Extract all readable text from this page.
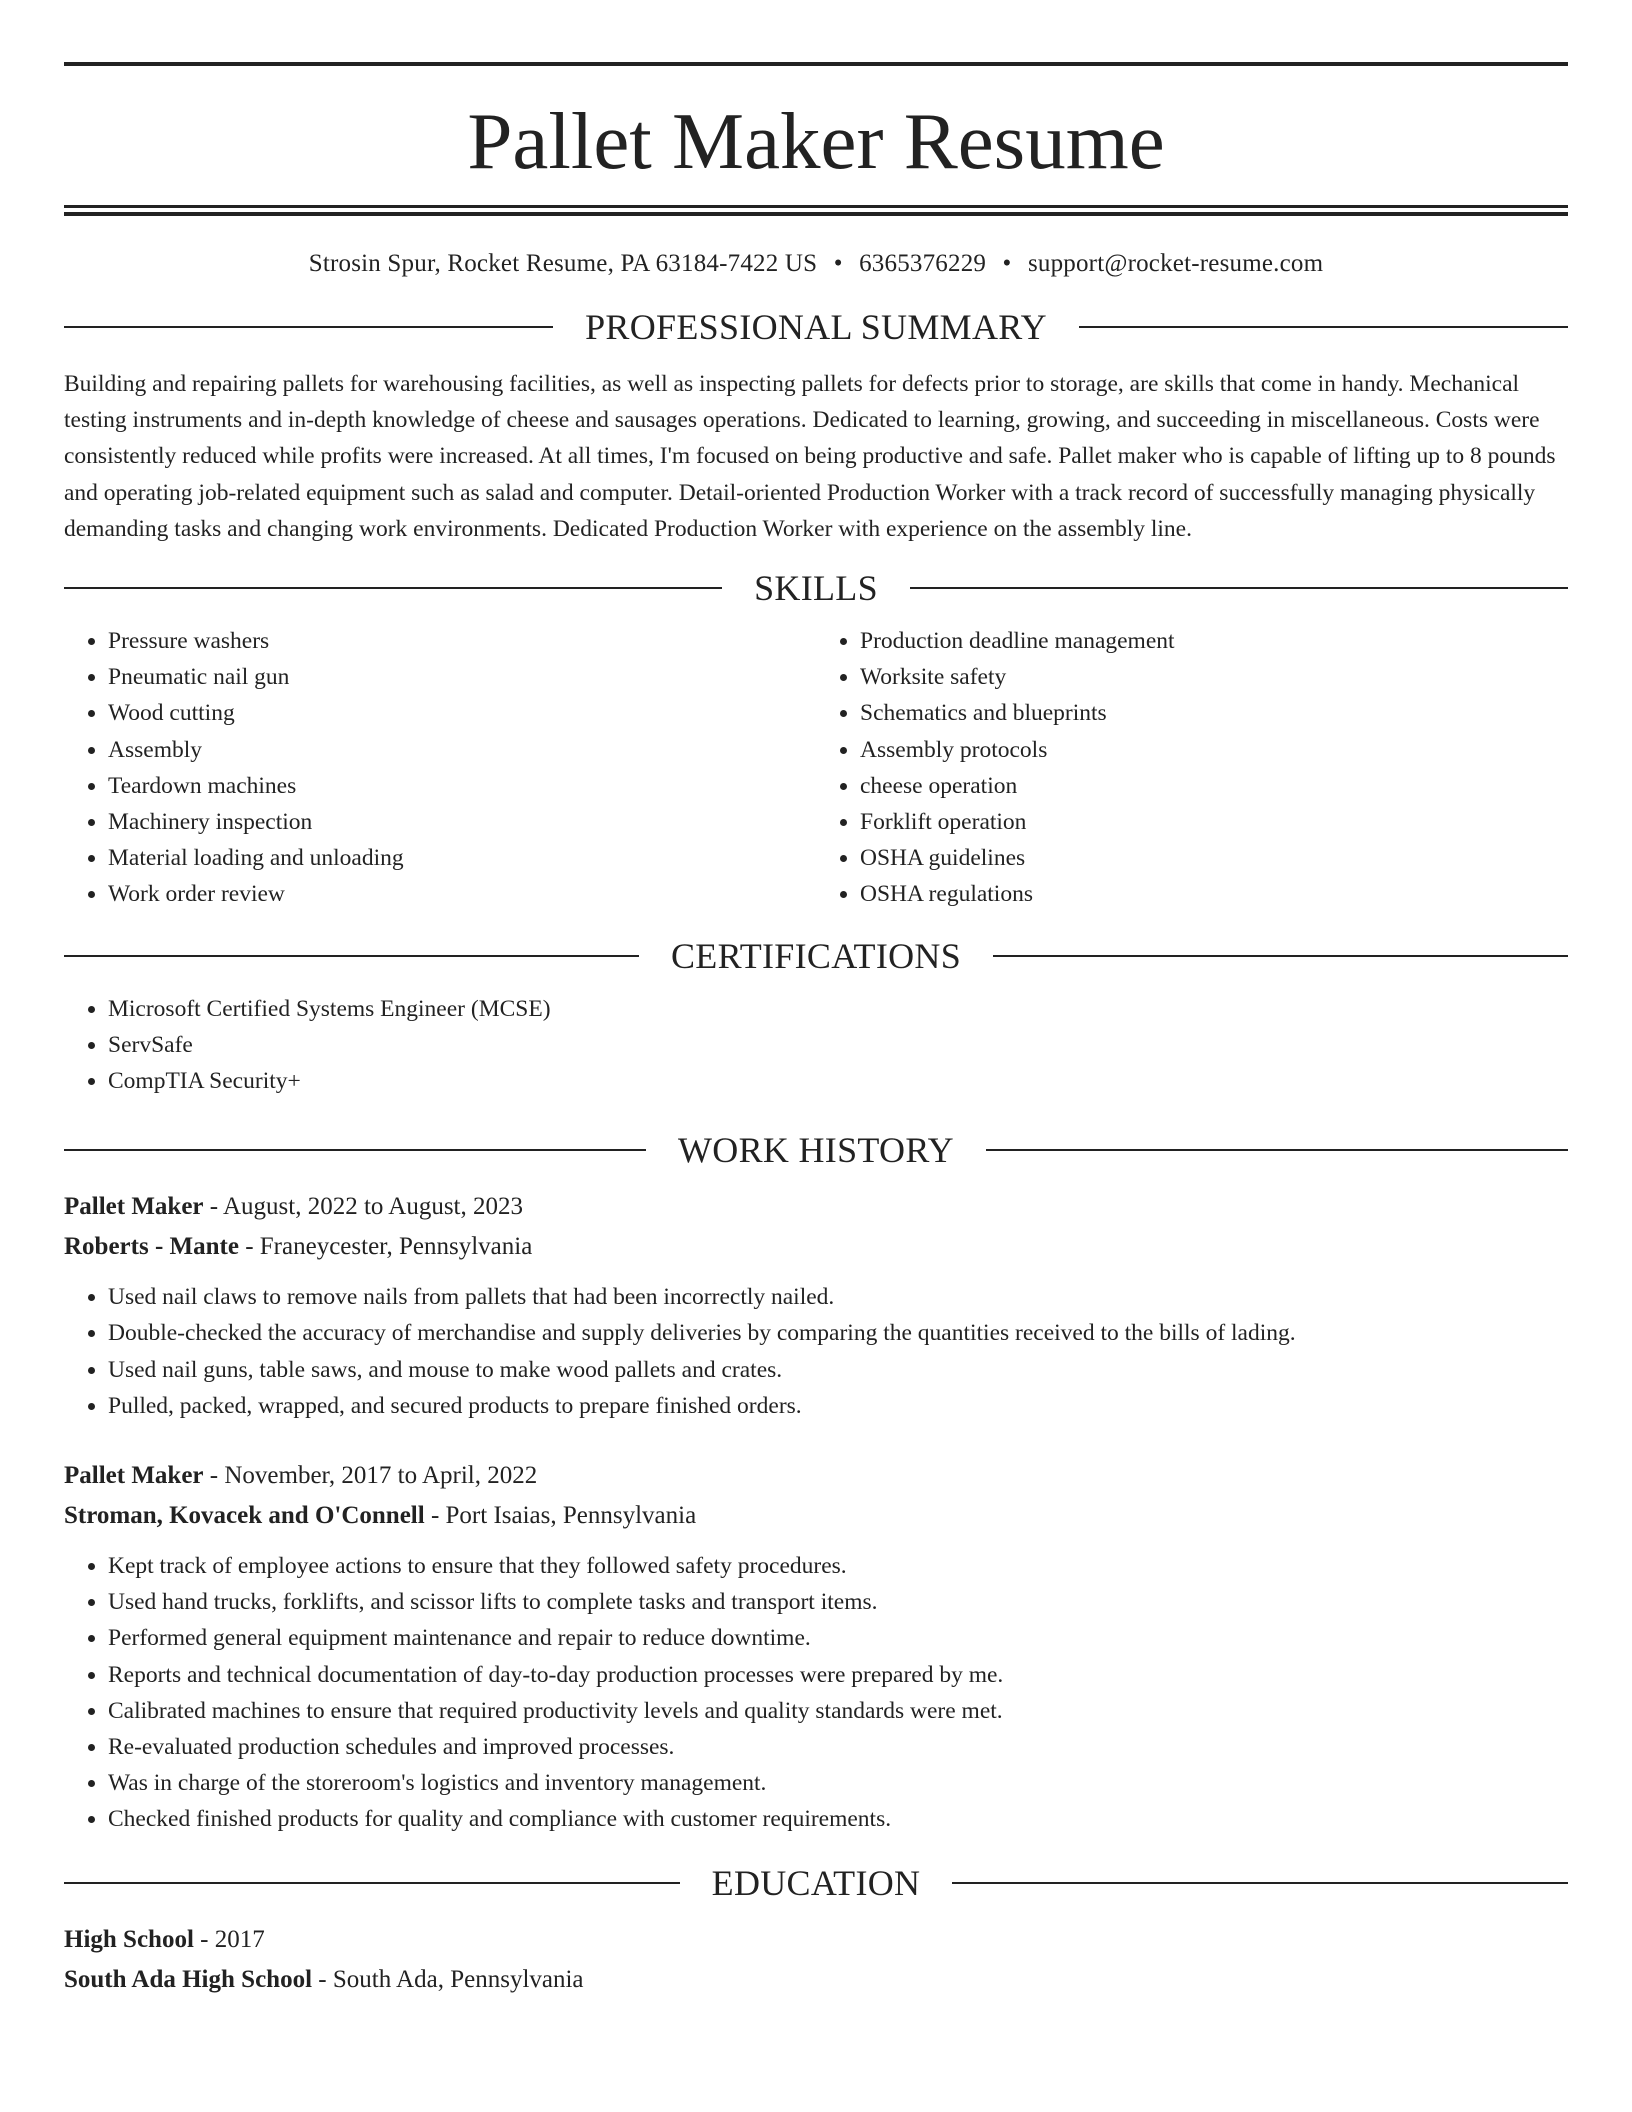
Pallet Maker Resume
Strosin Spur, Rocket Resume, PA 63184-7422 US • 6365376229 • support@rocket-resume.com
PROFESSIONAL SUMMARY

Building and repairing pallets for warehousing facilities, as well as inspecting pallets for defects prior to storage, are skills that come in handy. Mechanical testing instruments and in-depth knowledge of cheese and sausages operations. Dedicated to learning, growing, and succeeding in miscellaneous. Costs were consistently reduced while profits were increased. At all times, I'm focused on being productive and safe. Pallet maker who is capable of lifting up to 8 pounds and operating job-related equipment such as salad and computer. Detail-oriented Production Worker with a track record of successfully managing physically demanding tasks and changing work environments. Dedicated Production Worker with experience on the assembly line.

SKILLS
• Pressure washers
• Pneumatic nail gun
• Wood cutting
• Assembly
• Teardown machines
• Machinery inspection
• Material loading and unloading
• Work order review
• Production deadline management
• Worksite safety
• Schematics and blueprints
• Assembly protocols
• cheese operation
• Forklift operation
• OSHA guidelines
• OSHA regulations
CERTIFICATIONS
• Microsoft Certified Systems Engineer (MCSE)
• ServSafe
• CompTIA Security+
WORK HISTORY
Pallet Maker - August, 2022 to August, 2023
Roberts - Mante - Franeycester, Pennsylvania
• Used nail claws to remove nails from pallets that had been incorrectly nailed.
• Double-checked the accuracy of merchandise and supply deliveries by comparing the quantities received to the bills of lading.
• Used nail guns, table saws, and mouse to make wood pallets and crates.
• Pulled, packed, wrapped, and secured products to prepare finished orders.
Pallet Maker - November, 2017 to April, 2022
Stroman, Kovacek and O'Connell - Port Isaias, Pennsylvania
• Kept track of employee actions to ensure that they followed safety procedures.
• Used hand trucks, forklifts, and scissor lifts to complete tasks and transport items.
• Performed general equipment maintenance and repair to reduce downtime.
• Reports and technical documentation of day-to-day production processes were prepared by me.
• Calibrated machines to ensure that required productivity levels and quality standards were met.
• Re-evaluated production schedules and improved processes.
• Was in charge of the storeroom's logistics and inventory management.
• Checked finished products for quality and compliance with customer requirements.
EDUCATION
High School - 2017
South Ada High School - South Ada, Pennsylvania
